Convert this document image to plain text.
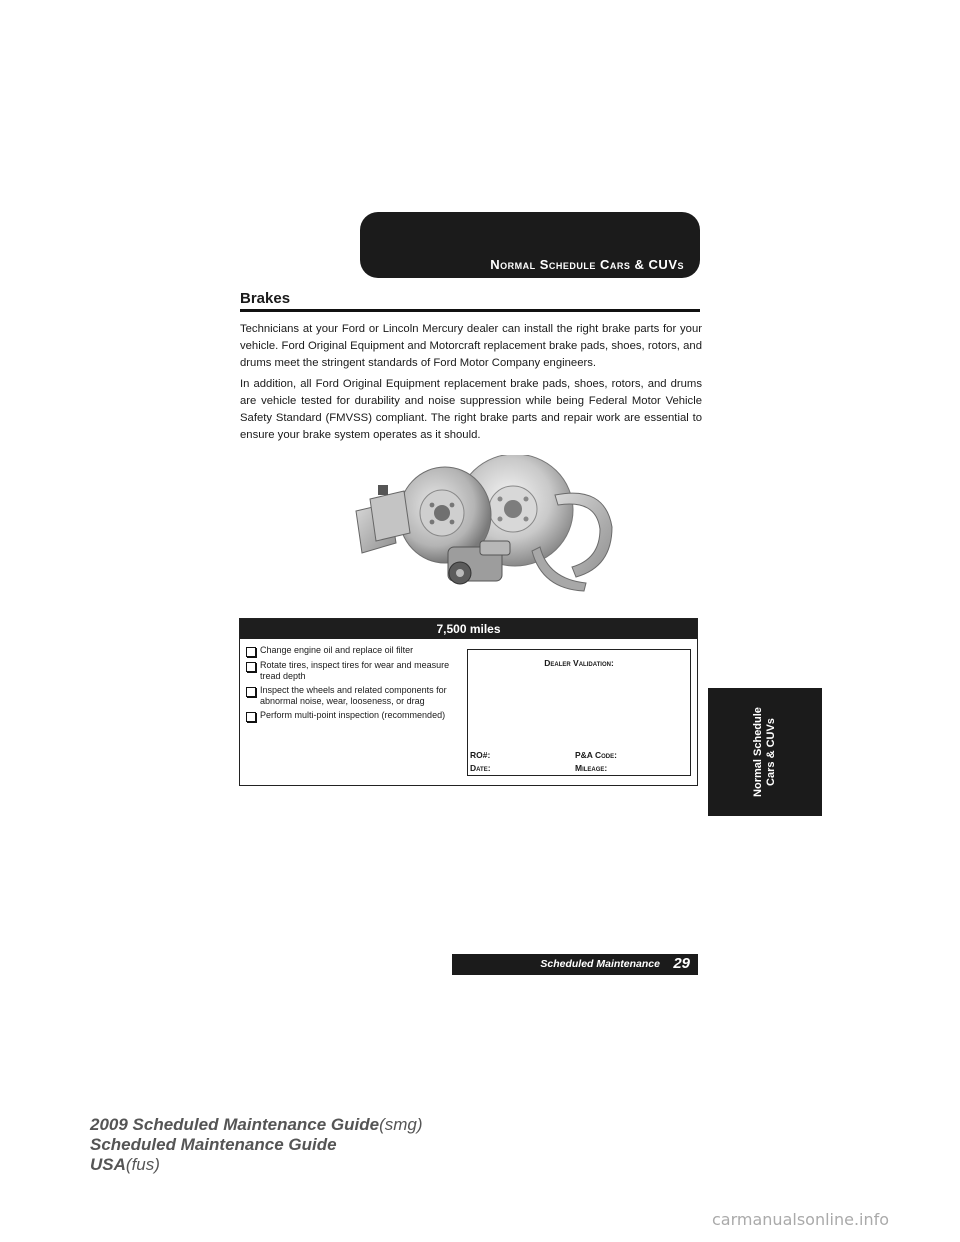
Normal Schedule Cars & CUVs
Brakes

Technicians at your Ford or Lincoln Mercury dealer can install the right brake parts for your vehicle. Ford Original Equipment and Motorcraft replacement brake pads, shoes, rotors, and drums meet the stringent standards of Ford Motor Company engineers.

In addition, all Ford Original Equipment replacement brake pads, shoes, rotors, and drums are vehicle tested for durability and noise suppression while being Federal Motor Vehicle Safety Standard (FMVSS) compliant. The right brake parts and repair work are essential to ensure your brake system operates as it should.

7,500 miles
Change engine oil and replace oil filter
Rotate tires, inspect tires for wear and measure tread depth
Inspect the wheels and related components for abnormal noise, wear, looseness, or drag
Perform multi-point inspection (recommended)
Dealer Validation:
RO#:	P&A Code:
Date:	Mileage:	Normal Schedule Cars & CUVs
Scheduled Maintenance 29
2009 Scheduled Maintenance Guide(smg)
Scheduled Maintenance Guide
USA(fus)
carmanualsonline.info
